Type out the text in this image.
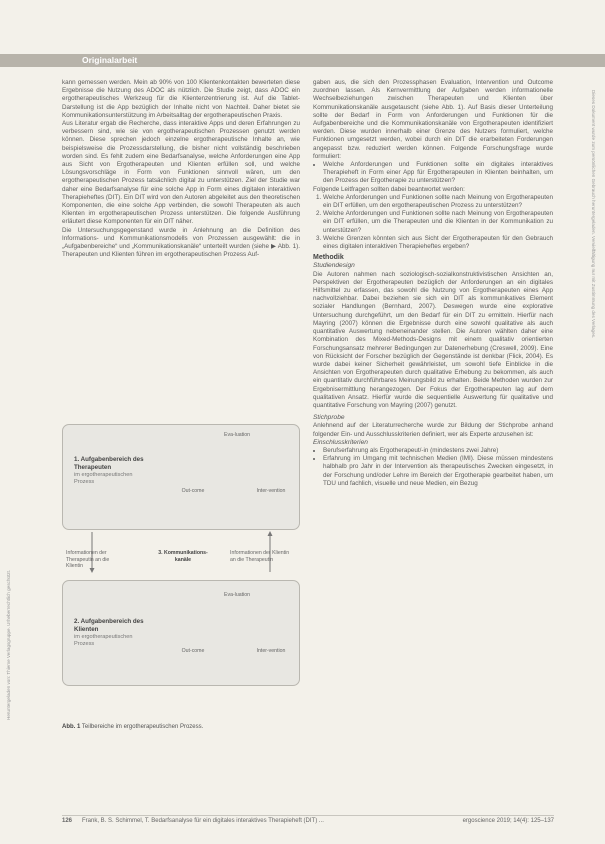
Originalarbeit
Heruntergeladen von: Thieme Verlagsgruppe. Urheberrechtlich geschützt.
Dieses Dokument wurde zum persönlichen Gebrauch heruntergeladen. Vervielfältigung nur mit Zustimmung des Verlages.

kann gemessen werden. Mein ab 90% von 100 Klientenkontakten bewerteten diese Ergebnisse die Nutzung des ADOC als nützlich. Die Studie zeigt, dass ADOC ein ergotherapeutisches Werkzeug für die Klientenzentrierung ist. Auf die Tablet-Darstellung ist die App bezüglich der Inhalte nicht von Nachteil. Daher bietet sie Kommunikationsunterstützung im Arbeitsalltag der ergotherapeutischen Praxis.

Aus Literatur ergab die Recherche, dass interaktive Apps und deren Erfahrungen zu verbessern sind, wie sie von ergotherapeutischen Prozessen genutzt werden können. Diese sprechen jedoch einzelne ergotherapeutische Inhalte an, wie beispielsweise die Prozessdarstellung, die bisher nicht vollständig beschrieben worden sind. Es fehlt zudem eine Bedarfsanalyse, welche Anforderungen eine App aus Sicht von Ergotherapeuten und Klienten erfüllen soll, und welche Lösungsvorschläge in Form von Funktionen sinnvoll wären, um den ergotherapeutischen Prozess tatsächlich digital zu unterstützen. Ziel der Studie war daher eine Bedarfsanalyse für eine solche App in Form eines digitalen interaktiven Therapieheftes (DIT). Ein DIT wird von den Autoren abgeleitet aus den theoretischen Komponenten, die eine solche App verbinden, die sowohl Therapeuten als auch Klienten im ergotherapeutischen Prozess unterstützen. Die folgende Ausführung erläutert diese Komponenten für ein DIT näher.

Die Untersuchungsgegenstand wurde in Anlehnung an die Definition des Informations- und Kommunikationsmodells von Prozessen ausgewählt: die in „Aufgabenbereiche“ und „Kommunikationskanäle“ unterteilt wurden (siehe ▶ Abb. 1). Therapeuten und Klienten führen im ergotherapeutischen Prozess Auf-

1. Aufgabenbereich des Therapeuten
im ergotherapeutischen Prozess
Eva-luation
Out-come	Inter-vention
Informationen der Therapeutin an die Klientin
3. Kommunikations-kanäle
Informationen der Klientin an die Therapeutin
2. Aufgabenbereich des Klienten
im ergotherapeutischen Prozess
Eva-luation
Out-come	Inter-vention
Abb. 1 Teilbereiche im ergotherapeutischen Prozess.

gaben aus, die sich den Prozessphasen Evaluation, Intervention und Outcome zuordnen lassen. Als Kernvermittlung der Aufgaben werden informationelle Wechselbeziehungen zwischen Therapeuten und Klienten über Kommunikationskanäle ausgetauscht (siehe Abb. 1). Auf Basis dieser Unterteilung sollte der Bedarf in Form von Anforderungen und Funktionen für die Aufgabenbereiche und die Kommunikationskanäle von Ergotherapeuten identifiziert werden. Diese wurden innerhalb einer Grenze des Nutzers formuliert, welche Funktionen umgesetzt werden, wobei durch ein DIT die erarbeiteten Forderungen angepasst bzw. reduziert werden können. Folgende Forschungsfrage wurde formuliert:

• Welche Anforderungen und Funktionen sollte ein digitales interaktives Therapieheft in Form einer App für Ergotherapeuten in Klienten beinhalten, um den Prozess der Ergotherapie zu unterstützen?

Folgende Leitfragen sollten dabei beantwortet werden:

1. Welche Anforderungen und Funktionen sollte nach Meinung von Ergotherapeuten ein DIT erfüllen, um den ergotherapeutischen Prozess zu unterstützen?
2. Welche Anforderungen und Funktionen sollte nach Meinung von Ergotherapeuten ein DIT erfüllen, um die Therapeuten und die Klienten in der Kommunikation zu unterstützen?
3. Welche Grenzen könnten sich aus Sicht der Ergotherapeuten für den Gebrauch eines digitalen interaktiven Therapieheftes ergeben?
Methodik
Studiendesign

Die Autoren nahmen nach soziologisch-sozialkonstruktivistischen Ansichten an, Perspektiven der Ergotherapeuten bezüglich der Anforderungen an ein digitales Hilfsmittel zu erfassen, das sowohl die Nutzung von Ergotherapeuten eines App nachvollziehbar. Dabei beziehen sie sich ein DIT als kommunikatives Element sozialer Handlungen (Bernhard, 2007). Deswegen wurde eine explorative Untersuchung durchgeführt, um den Bedarf für ein DIT zu ermitteln. Hierfür nach Mayring (2007) können die Ergebnisse durch eine sowohl qualitative als auch quantitative Auswertung nebeneinander stellen. Die Autoren wählten daher eine Kombination des Mixed-Methods-Designs mit einem qualitativ orientierten Forschungsansatz mehrerer Bedingungen zur Datenerhebung (Creswell, 2009). Eine von Rücksicht der Forscher bezüglich der Gegenstände ist denkbar (Flick, 2004). Es wurde dabei keiner Sicherheit gewährleistet, um sowohl tiefe Einblicke in die Ansichten von Ergotherapeuten durch qualitative Erhebung zu bekommen, als auch ein quantitativ durchführbares Meinungsbild zu erhalten. Beide Methoden wurden zur Ergebnisermittlung herangezogen. Der Fokus der Ergotherapeuten lag auf dem qualitativen Ansatz. Hierfür wurde die sequentielle Auswertung für qualitative und quantitative Forschung von Mayring (2007) genutzt.

Stichprobe

Anlehnend auf der Literaturrecherche wurde zur Bildung der Stichprobe anhand folgender Ein- und Ausschlusskriterien definiert, wer als Experte anzusehen ist:

Einschlusskriterien
• Berufserfahrung als Ergotherapeut/-in (mindestens zwei Jahre)
• Erfahrung im Umgang mit technischen Medien (IMI). Diese müssen mindestens halbhalb pro Jahr in der Intervention als therapeutisches Zwecken eingesetzt, in der Forschung und/oder Lehre im Bereich der Ergotherapie gearbeitet haben, um TDU und fachlich, visuelle und neue Medien, ein Bezug
126 Frank, B. S. Schimmel, T. Bedarfsanalyse für ein digitales interaktives Therapieheft (DIT) ...	ergoscience 2019; 14(4): 125–137
